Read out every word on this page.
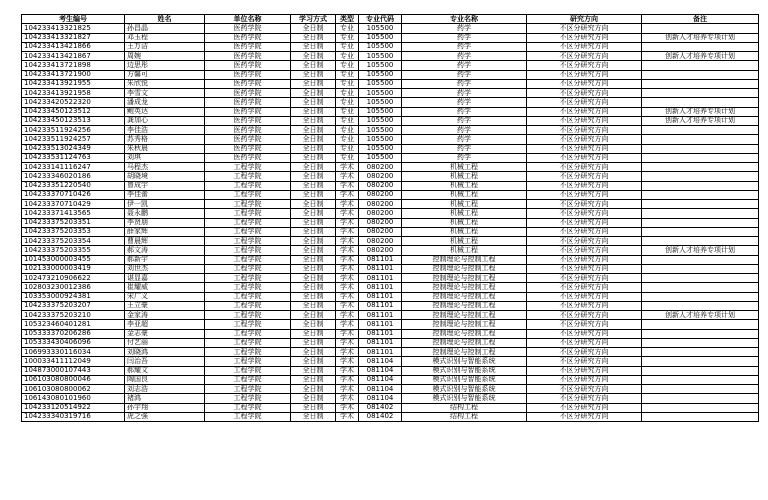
考生编号	姓名	单位名称	学习方式	类型	专业代码	专业名称	研究方向	备注
104233413321825	孙昌晶	医药学院	全日制	专业	105500	药学	不区分研究方向	
104233413321827	邓玉程	医药学院	全日制	专业	105500	药学	不区分研究方向	创新人才培养专项计划
104233413421866	王万洁	医药学院	全日制	专业	105500	药学	不区分研究方向	
104233413421867	周婉	医药学院	全日制	专业	105500	药学	不区分研究方向	创新人才培养专项计划
104233413721898	边思彤	医药学院	全日制	专业	105500	药学	不区分研究方向	
104233413721900	方馨可	医药学院	全日制	专业	105500	药学	不区分研究方向	
104233413921955	朱欣悦	医药学院	全日制	专业	105500	药学	不区分研究方向	
104233413921958	李雪文	医药学院	全日制	专业	105500	药学	不区分研究方向	
104233420522320	潘成龙	医药学院	全日制	专业	105500	药学	不区分研究方向	
104233450123512	鲍英达	医药学院	全日制	专业	105500	药学	不区分研究方向	创新人才培养专项计划
104233450123513	龚加心	医药学院	全日制	专业	105500	药学	不区分研究方向	创新人才培养专项计划
104233511924256	李佳浩	医药学院	全日制	专业	105500	药学	不区分研究方向	
104233511924257	苏秀格	医药学院	全日制	专业	105500	药学	不区分研究方向	
104233513024349	朱秋晨	医药学院	全日制	专业	105500	药学	不区分研究方向	
104233531124763	刘琪	医药学院	全日制	专业	105500	药学	不区分研究方向	
104233141116247	马程杰	工程学院	全日制	学术	080200	机械工程	不区分研究方向	
104233346020186	胡晓境	工程学院	全日制	学术	080200	机械工程	不区分研究方向	
104233351220540	曾成宇	工程学院	全日制	学术	080200	机械工程	不区分研究方向	
104233370710426	李佳蕾	工程学院	全日制	学术	080200	机械工程	不区分研究方向	
104233370710429	伊一凯	工程学院	全日制	学术	080200	机械工程	不区分研究方向	
104233371413565	聂永鹏	工程学院	全日制	学术	080200	机械工程	不区分研究方向	
104233375203351	李贤朋	工程学院	全日制	学术	080200	机械工程	不区分研究方向	
104233375203353	薛家辉	工程学院	全日制	学术	080200	机械工程	不区分研究方向	
104233375203354	曹晨辉	工程学院	全日制	学术	080200	机械工程	不区分研究方向	
104233375203355	郝文涛	工程学院	全日制	学术	080200	机械工程	不区分研究方向	创新人才培养专项计划
101453000003455	郝新宇	工程学院	全日制	学术	081101	控制理论与控制工程	不区分研究方向	
102133000003419	刘世杰	工程学院	全日制	学术	081101	控制理论与控制工程	不区分研究方向	
102473210906622	谌显嘉	工程学院	全日制	学术	081101	控制理论与控制工程	不区分研究方向	
102803230012386	崔耀威	工程学院	全日制	学术	081101	控制理论与控制工程	不区分研究方向	
103353000924381	宋广义	工程学院	全日制	学术	081101	控制理论与控制工程	不区分研究方向	
104233375203207	王立豪	工程学院	全日制	学术	081101	控制理论与控制工程	不区分研究方向	
104233375203210	金家涛	工程学院	全日制	学术	081101	控制理论与控制工程	不区分研究方向	创新人才培养专项计划
105323460401281	李亚超	工程学院	全日制	学术	081101	控制理论与控制工程	不区分研究方向	
105333370206286	金志豪	工程学院	全日制	学术	081101	控制理论与控制工程	不区分研究方向	
105333430406096	付艺丽	工程学院	全日制	学术	081101	控制理论与控制工程	不区分研究方向	
106993330116034	刘晓鸿	工程学院	全日制	学术	081101	控制理论与控制工程	不区分研究方向	
100033411112049	闫治吾	工程学院	全日制	学术	081104	模式识别与智能系统	不区分研究方向	
104873000107443	郝耀文	工程学院	全日制	学术	081104	模式识别与智能系统	不区分研究方向	
106103080800046	陶国良	工程学院	全日制	学术	081104	模式识别与智能系统	不区分研究方向	
106103080800062	刘志浩	工程学院	全日制	学术	081104	模式识别与智能系统	不区分研究方向	
106143080101960	褚鸿	工程学院	全日制	学术	081104	模式识别与智能系统	不区分研究方向	
104233120514922	孙宇翔	工程学院	全日制	学术	081402	结构工程	不区分研究方向	
104233340319716	虎之强	工程学院	全日制	学术	081402	结构工程	不区分研究方向	
